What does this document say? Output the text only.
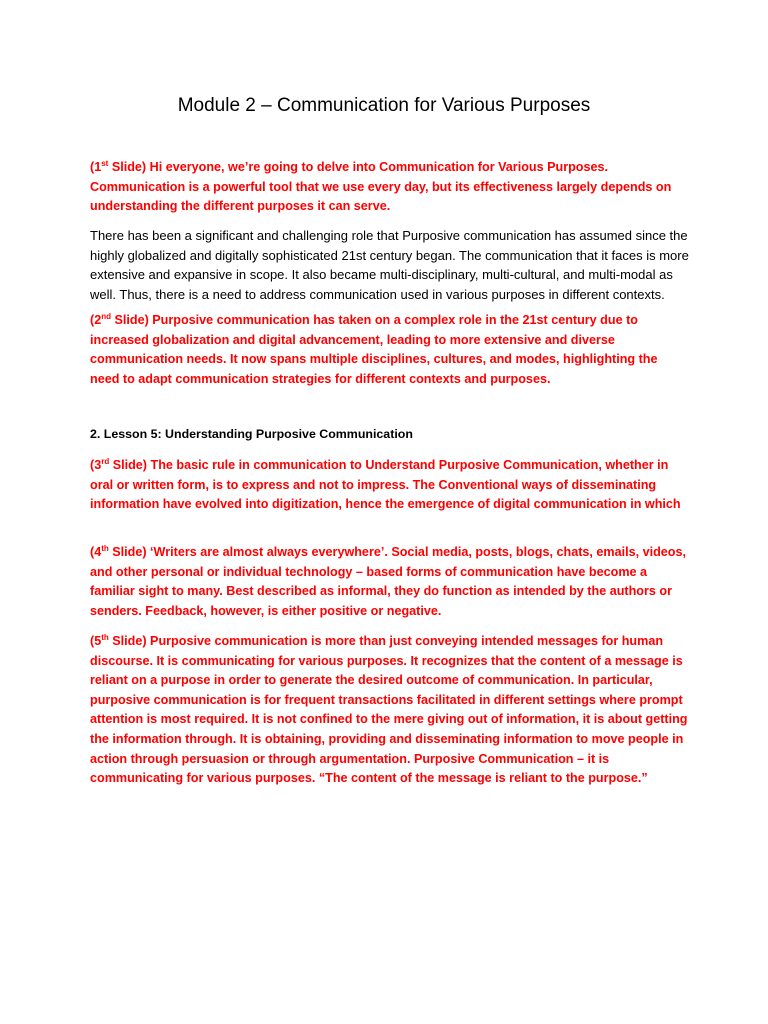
Module 2 – Communication for Various Purposes

(1st Slide) Hi everyone, we’re going to delve into Communication for Various Purposes. Communication is a powerful tool that we use every day, but its effectiveness largely depends on understanding the different purposes it can serve.

There has been a significant and challenging role that Purposive communication has assumed since the highly globalized and digitally sophisticated 21st century began. The communication that it faces is more extensive and expansive in scope. It also became multi-disciplinary, multi-cultural, and multi-modal as well. Thus, there is a need to address communication used in various purposes in different contexts.

(2nd Slide) Purposive communication has taken on a complex role in the 21st century due to increased globalization and digital advancement, leading to more extensive and diverse communication needs. It now spans multiple disciplines, cultures, and modes, highlighting the need to adapt communication strategies for different contexts and purposes.

2. Lesson 5: Understanding Purposive Communication

(3rd Slide) The basic rule in communication to Understand Purposive Communication, whether in oral or written form, is to express and not to impress. The Conventional ways of disseminating information have evolved into digitization, hence the emergence of digital communication in which

(4th Slide) ‘Writers are almost always everywhere’. Social media, posts, blogs, chats, emails, videos, and other personal or individual technology – based forms of communication have become a familiar sight to many. Best described as informal, they do function as intended by the authors or senders. Feedback, however, is either positive or negative.

(5th Slide) Purposive communication is more than just conveying intended messages for human discourse. It is communicating for various purposes. It recognizes that the content of a message is reliant on a purpose in order to generate the desired outcome of communication. In particular, purposive communication is for frequent transactions facilitated in different settings where prompt attention is most required. It is not confined to the mere giving out of information, it is about getting the information through. It is obtaining, providing and disseminating information to move people in action through persuasion or through argumentation. Purposive Communication – it is communicating for various purposes. “The content of the message is reliant to the purpose.”
